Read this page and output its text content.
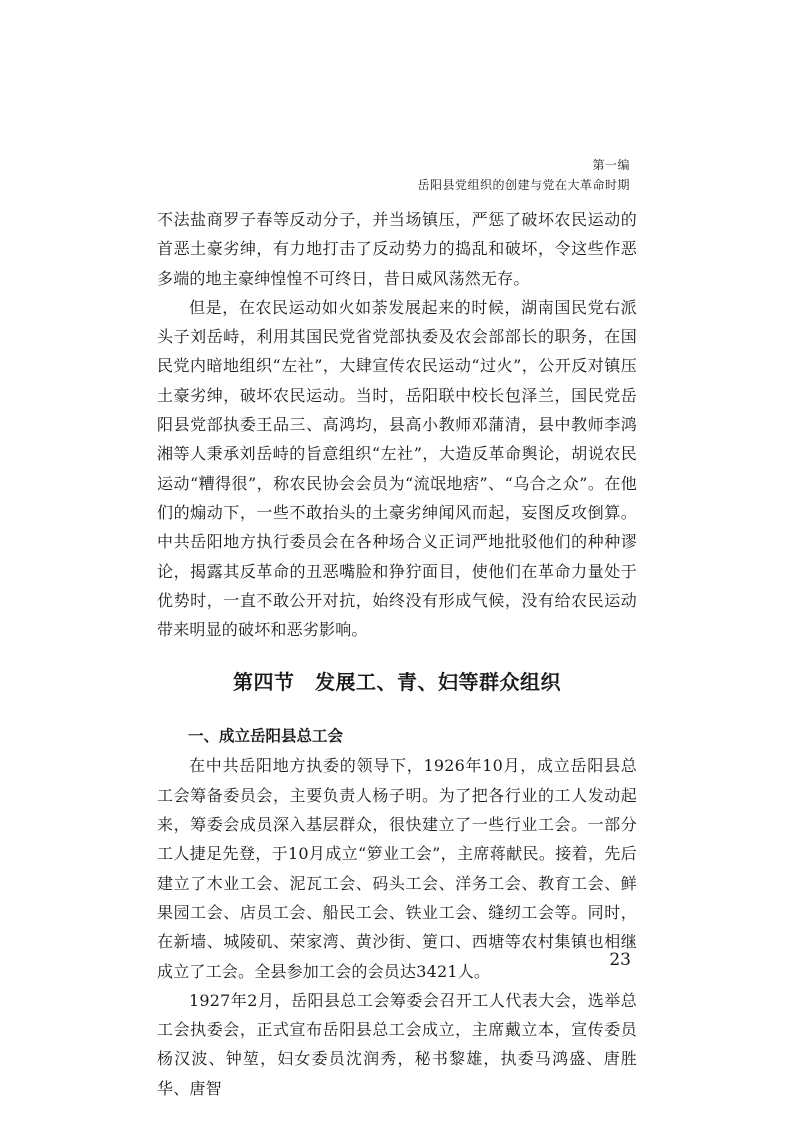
第一编
岳阳县党组织的创建与党在大革命时期

不法盐商罗子春等反动分子，并当场镇压，严惩了破坏农民运动的首恶土豪劣绅，有力地打击了反动势力的捣乱和破坏，令这些作恶多端的地主豪绅惶惶不可终日，昔日威风荡然无存。

但是，在农民运动如火如荼发展起来的时候，湖南国民党右派头子刘岳峙，利用其国民党省党部执委及农会部部长的职务，在国民党内暗地组织“左社”，大肆宣传农民运动“过火”，公开反对镇压土豪劣绅，破坏农民运动。当时，岳阳联中校长包泽兰，国民党岳阳县党部执委王品三、高鸿均，县高小教师邓蒲清，县中教师李鸿湘等人秉承刘岳峙的旨意组织“左社”，大造反革命舆论，胡说农民运动“糟得很”，称农民协会会员为“流氓地痞”、“乌合之众”。在他们的煽动下，一些不敢抬头的土豪劣绅闻风而起，妄图反攻倒算。中共岳阳地方执行委员会在各种场合义正词严地批驳他们的种种谬论，揭露其反革命的丑恶嘴脸和狰狞面目，使他们在革命力量处于优势时，一直不敢公开对抗，始终没有形成气候，没有给农民运动带来明显的破坏和恶劣影响。

第四节　发展工、青、妇等群众组织
一、成立岳阳县总工会

在中共岳阳地方执委的领导下，1926年10月，成立岳阳县总工会筹备委员会，主要负责人杨子明。为了把各行业的工人发动起来，筹委会成员深入基层群众，很快建立了一些行业工会。一部分工人捷足先登，于10月成立“箩业工会”，主席蒋献民。接着，先后建立了木业工会、泥瓦工会、码头工会、洋务工会、教育工会、鲜果园工会、店员工会、船民工会、铁业工会、缝纫工会等。同时，在新墙、城陵矶、荣家湾、黄沙街、筻口、西塘等农村集镇也相继成立了工会。全县参加工会的会员达3421人。

1927年2月，岳阳县总工会筹委会召开工人代表大会，选举总工会执委会，正式宣布岳阳县总工会成立，主席戴立本，宣传委员杨汉波、钟堃，妇女委员沈润秀，秘书黎雄，执委马鸿盛、唐胜华、唐智

23
